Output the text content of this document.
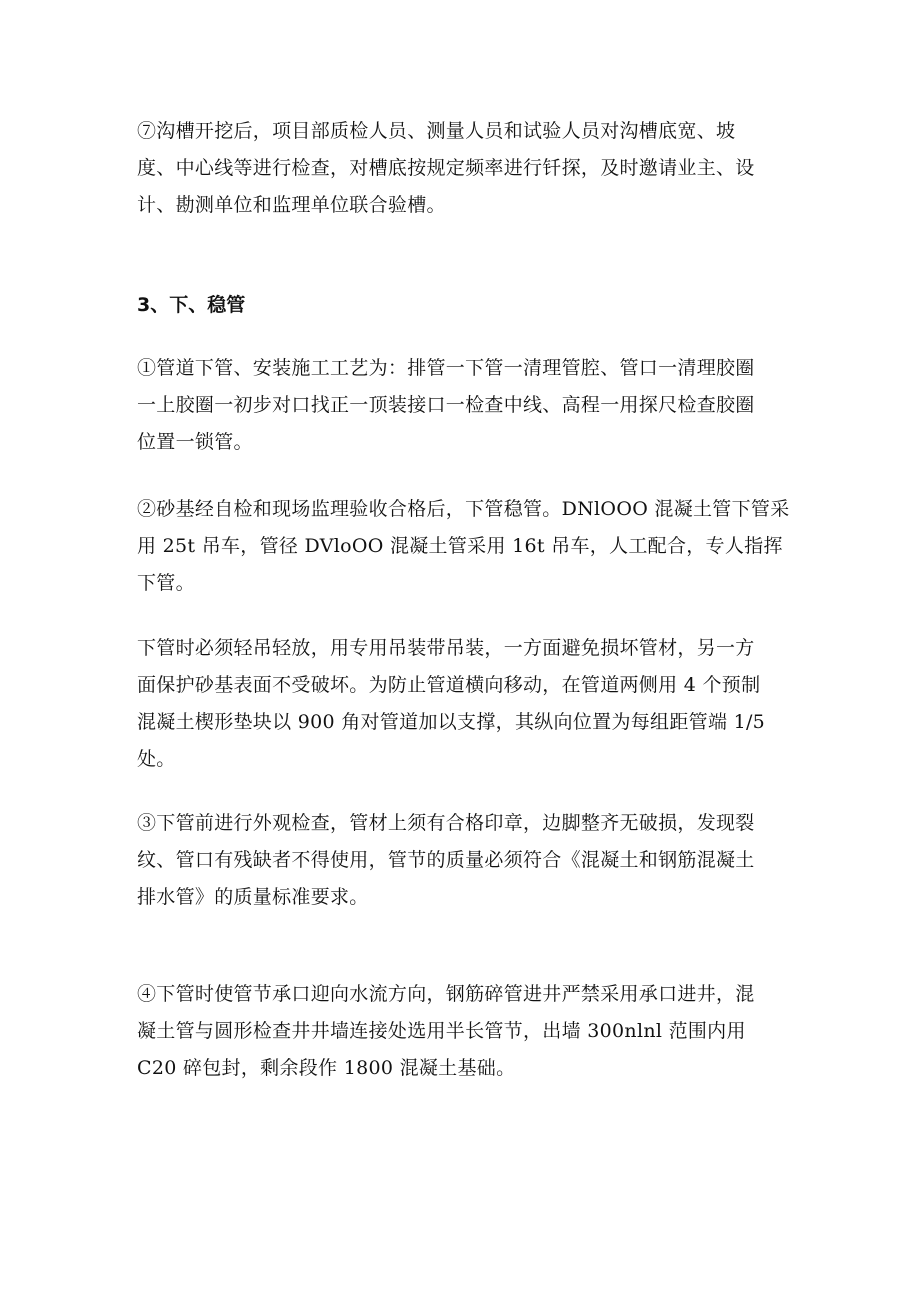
⑦沟槽开挖后，项目部质检人员、测量人员和试验人员对沟槽底宽、坡
度、中心线等进行检查，对槽底按规定频率进行钎探，及时邀请业主、设
计、勘测单位和监理单位联合验槽。
3、下、稳管
①管道下管、安装施工工艺为：排管一下管一清理管腔、管口一清理胶圈
一上胶圈一初步对口找正一顶装接口一检查中线、高程一用探尺检查胶圈
位置一锁管。
②砂基经自检和现场监理验收合格后，下管稳管。DNlOOO 混凝土管下管采
用 25t 吊车，管径 DVloOO 混凝土管采用 16t 吊车，人工配合，专人指挥
下管。
下管时必须轻吊轻放，用专用吊装带吊装，一方面避免损坏管材，另一方
面保护砂基表面不受破坏。为防止管道横向移动，在管道两侧用 4 个预制
混凝土楔形垫块以 900 角对管道加以支撑，其纵向位置为每组距管端 1/5
处。
③下管前进行外观检查，管材上须有合格印章，边脚整齐无破损，发现裂
纹、管口有残缺者不得使用，管节的质量必须符合《混凝土和钢筋混凝土
排水管》的质量标准要求。
④下管时使管节承口迎向水流方向，钢筋碎管进井严禁采用承口进井，混
凝土管与圆形检查井井墙连接处选用半长管节，出墙 300nlnl 范围内用
C20 碎包封，剩余段作 1800 混凝土基础。
